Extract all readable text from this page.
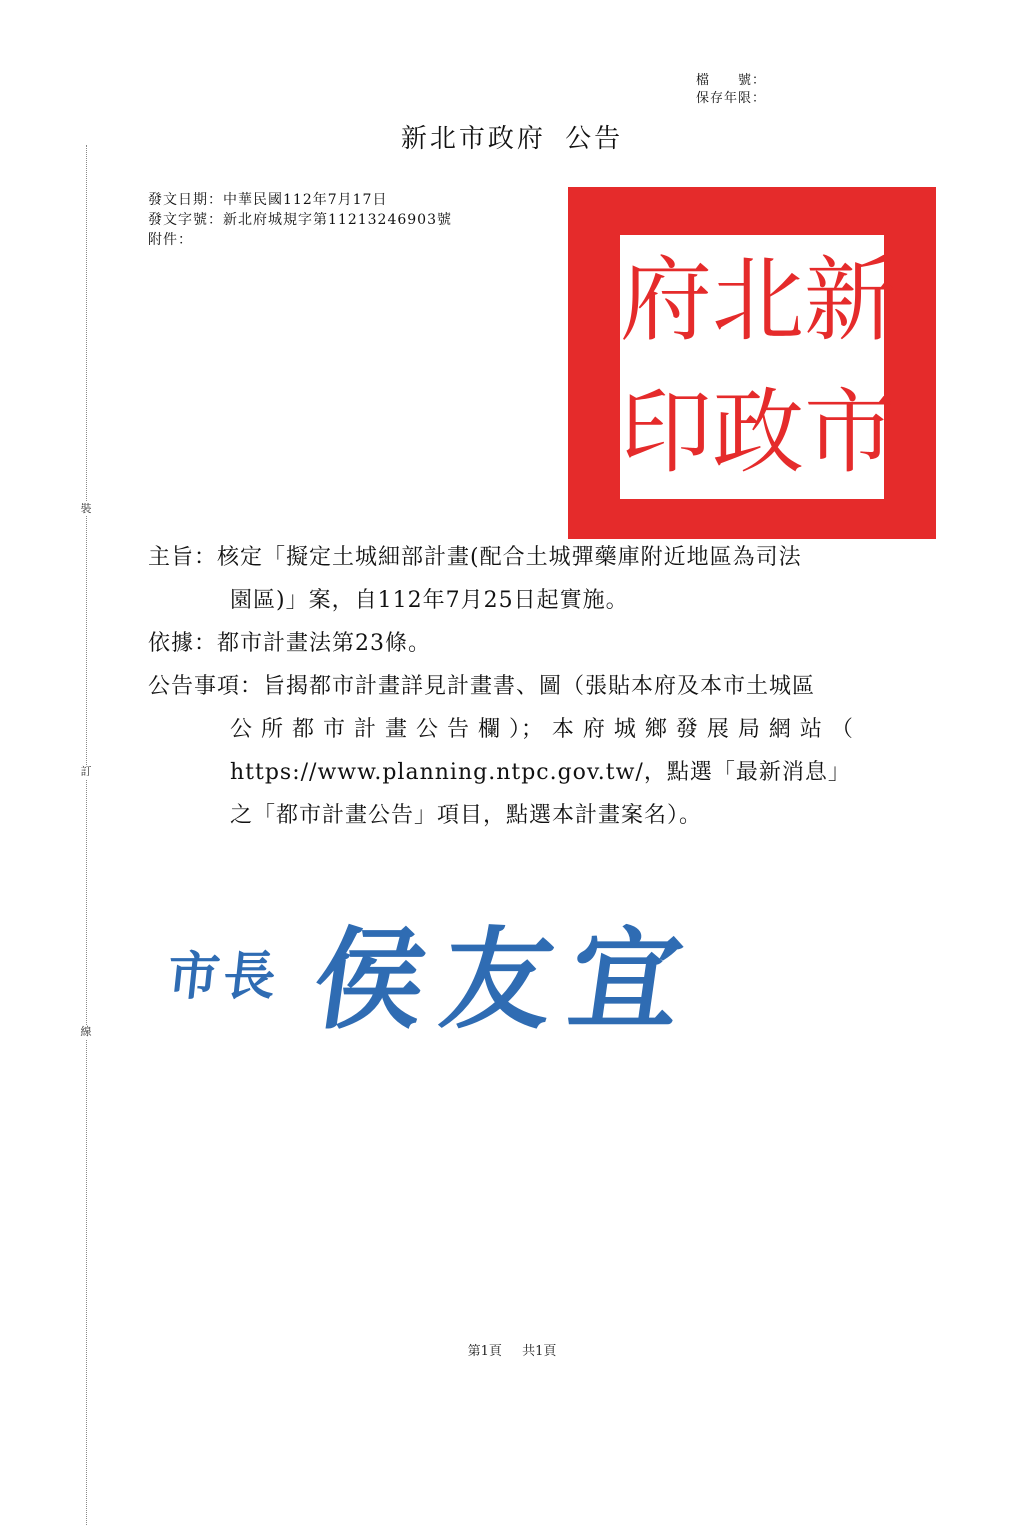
裝
訂
線
檔　　號：
保存年限：
新北市政府 公告
發文日期：中華民國112年7月17日
發文字號：新北府城規字第11213246903號
附件：
府 北 新
印 政 市
主旨：核定「擬定土城細部計畫(配合土城彈藥庫附近地區為司法
園區)」案，自112年7月25日起實施。
依據：都市計畫法第23條。
公告事項：旨揭都市計畫詳見計畫書、圖（張貼本府及本市土城區
公 所 都 市 計 畫 公 告 欄 ）； 本 府 城 鄉 發 展 局 網 站 （
https://www.planning.ntpc.gov.tw/，點選「最新消息」
之「都市計畫公告」項目，點選本計畫案名）。
市長 侯友宜
第1頁 共1頁
